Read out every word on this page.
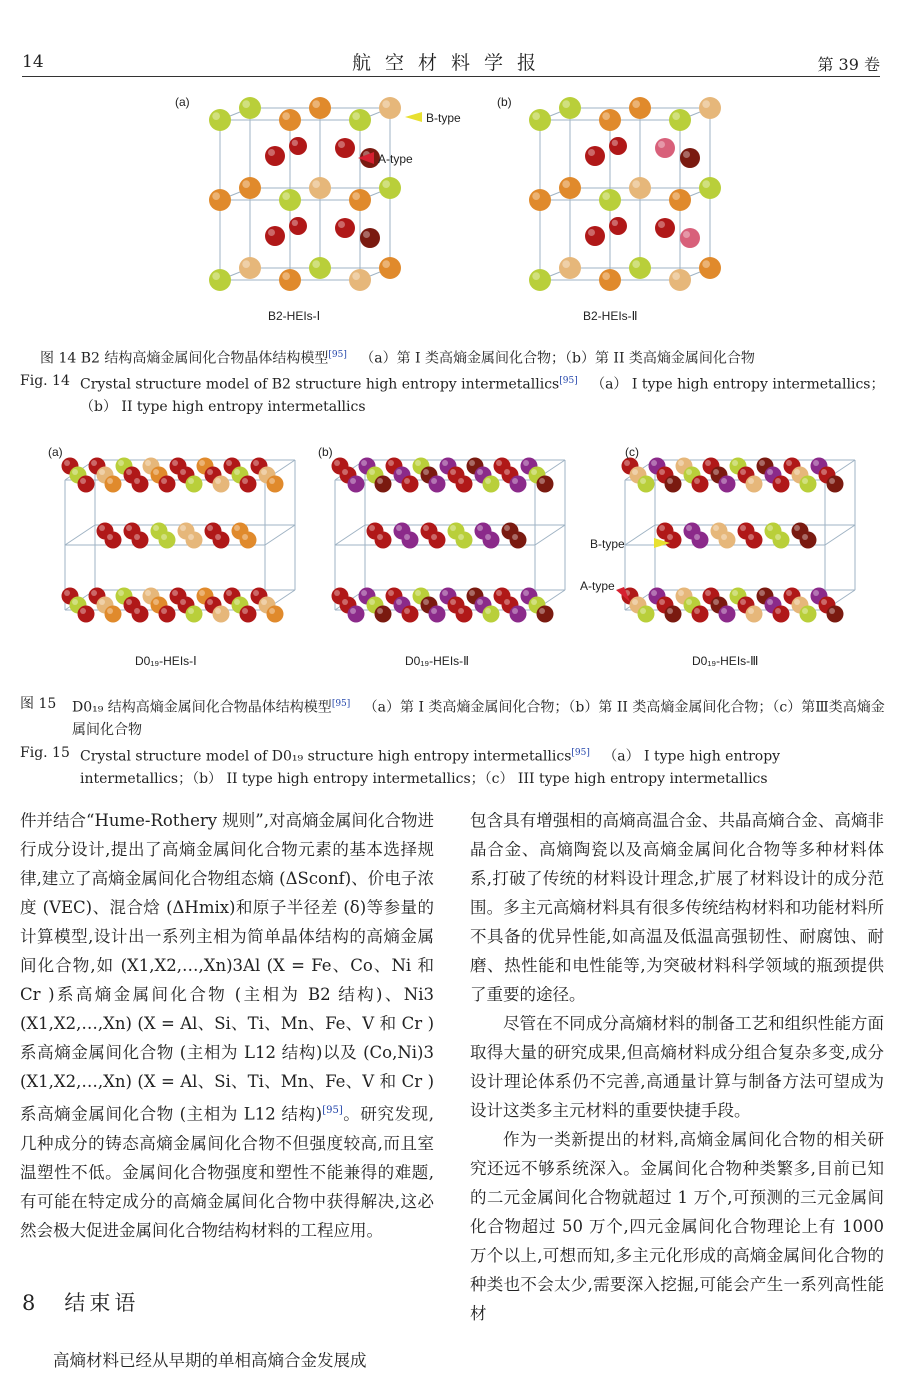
14	航空材料学报	第 39 卷
(a)	(b)
B-type
A-type
B2-HEIs-Ⅰ	B2-HEIs-Ⅱ
图 14 B2 结构高熵金属间化合物晶体结构模型[95] （a）第 I 类高熵金属间化合物；（b）第 II 类高熵金属间化合物
Fig. 14 Crystal structure model of B2 structure high entropy intermetallics[95] （a） I type high entropy intermetallics；（b） II type high entropy intermetallics
(a)	(b)	(c)
B-type
A-type
D0₁₉-HEIs-Ⅰ	D0₁₉-HEIs-Ⅱ	D0₁₉-HEIs-Ⅲ
图 15 D0₁₉ 结构高熵金属间化合物晶体结构模型[95] （a）第 I 类高熵金属间化合物；（b）第 II 类高熵金属间化合物；（c）第Ⅲ类高熵金属间化合物
Fig. 15 Crystal structure model of D0₁₉ structure high entropy intermetallics[95] （a） I type high entropy intermetallics；（b） II type high entropy intermetallics；（c） III type high entropy intermetallics

件并结合“Hume-Rothery 规则”,对高熵金属间化合物进行成分设计,提出了高熵金属间化合物元素的基本选择规律,建立了高熵金属间化合物组态熵 (ΔSconf)、价电子浓度 (VEC)、混合焓 (ΔHmix)和原子半径差 (δ)等参量的计算模型,设计出一系列主相为简单晶体结构的高熵金属间化合物,如 (X1,X2,…,Xn)3Al (X = Fe、Co、Ni 和 Cr )系高熵金属间化合物 (主相为 B2 结构)、Ni3 (X1,X2,…,Xn) (X = Al、Si、Ti、Mn、Fe、V 和 Cr )系高熵金属间化合物 (主相为 L12 结构)以及 (Co,Ni)3 (X1,X2,…,Xn) (X = Al、Si、Ti、Mn、Fe、V 和 Cr )系高熵金属间化合物 (主相为 L12 结构)[95]。研究发现,几种成分的铸态高熵金属间化合物不但强度较高,而且室温塑性不低。金属间化合物强度和塑性不能兼得的难题,有可能在特定成分的高熵金属间化合物中获得解决,这必然会极大促进金属间化合物结构材料的工程应用。

8　结束语

高熵材料已经从早期的单相高熵合金发展成

包含具有增强相的高熵高温合金、共晶高熵合金、高熵非晶合金、高熵陶瓷以及高熵金属间化合物等多种材料体系,打破了传统的材料设计理念,扩展了材料设计的成分范围。多主元高熵材料具有很多传统结构材料和功能材料所不具备的优异性能,如高温及低温高强韧性、耐腐蚀、耐磨、热性能和电性能等,为突破材料科学领域的瓶颈提供了重要的途径。

尽管在不同成分高熵材料的制备工艺和组织性能方面取得大量的研究成果,但高熵材料成分组合复杂多变,成分设计理论体系仍不完善,高通量计算与制备方法可望成为设计这类多主元材料的重要快捷手段。

作为一类新提出的材料,高熵金属间化合物的相关研究还远不够系统深入。金属间化合物种类繁多,目前已知的二元金属间化合物就超过 1 万个,可预测的三元金属间化合物超过 50 万个,四元金属间化合物理论上有 1000 万个以上,可想而知,多主元化形成的高熵金属间化合物的种类也不会太少,需要深入挖掘,可能会产生一系列高性能材
